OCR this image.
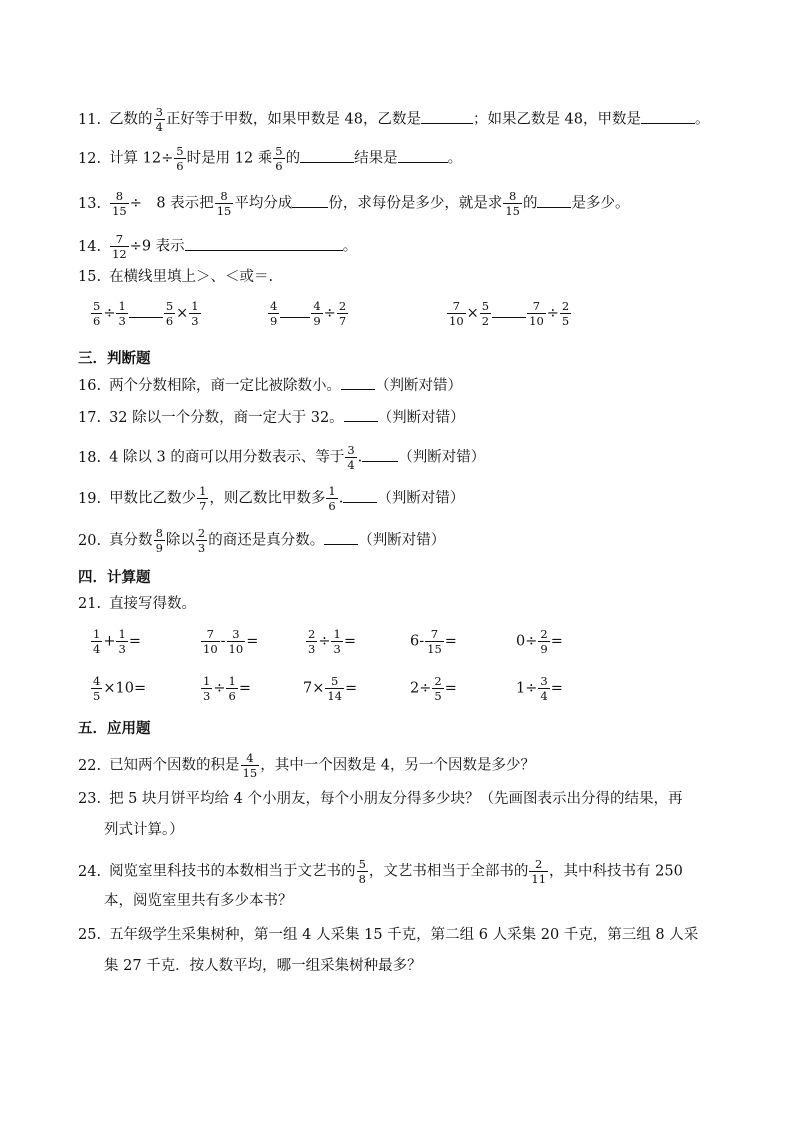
11. 乙数的 $\frac{3}{4}$ 正好等于甲数，如果甲数是 48，乙数是	；如果乙数是 48，甲数是	。
12. 计算 $12\div \frac{5}{6}$ 时是用 12 乘 $\frac{5}{6}$ 的	结果是	。
13. $\frac{8}{15}$ ÷　8 表示把 $\frac{8}{15}$ 平均分成 份，求每份是多少，就是求 $\frac{8}{15}$ 的 是多少。
14. $\frac{7}{12} \div 9$ 表示	。
15. 在横线里填上＞、＜或＝.
$\frac{5}{6} \div \frac{1}{3}$	$\frac{5}{6} \times \frac{1}{3}$	$\frac{4}{9}$	$\frac{4}{9} \div \frac{2}{7}$	$\frac{7}{10} \times \frac{5}{2}$	$\frac{7}{10} \div \frac{2}{5}$
三．判断题
16. 两个分数相除，商一定比被除数小。 （判断对错）
17. 32 除以一个分数，商一定大于 32。 （判断对错）
18. 4 除以 3 的商可以用分数表示、等于 $\frac{3}{4}$ . （判断对错）
19. 甲数比乙数少 $\frac{1}{7}$ ，则乙数比甲数多 $\frac{1}{6}$ . （判断对错）
20. 真分数 $\frac{8}{9}$ 除以 $\frac{2}{3}$ 的商还是真分数。 （判断对错）
四．计算题
21. 直接写得数。
$\frac{1}{4} + \frac{1}{3}$ =	$\frac{7}{10} - \frac{3}{10}$ =	$\frac{2}{3} \div \frac{1}{3}$ =	$6- \frac{7}{15}$ =	$0\div \frac{2}{9}$ =
$\frac{4}{5} \times 10=$	$\frac{1}{3} \div \frac{1}{6}$ =	$7\times \frac{5}{14}$ =	$2\div \frac{2}{5}$ =	$1\div \frac{3}{4}$ =
五．应用题
22. 已知两个因数的积是 $\frac{4}{15}$ ，其中一个因数是 4，另一个因数是多少？
23. 把 5 块月饼平均给 4 个小朋友，每个小朋友分得多少块？（先画图表示出分得的结果，再
列式计算。）
24. 阅览室里科技书的本数相当于文艺书的 $\frac{5}{8}$ ，文艺书相当于全部书的 $\frac{2}{11}$ ，其中科技书有 250
本，阅览室里共有多少本书？
25. 五年级学生采集树种，第一组 4 人采集 15 千克，第二组 6 人采集 20 千克，第三组 8 人采
集 27 千克．按人数平均，哪一组采集树种最多？
